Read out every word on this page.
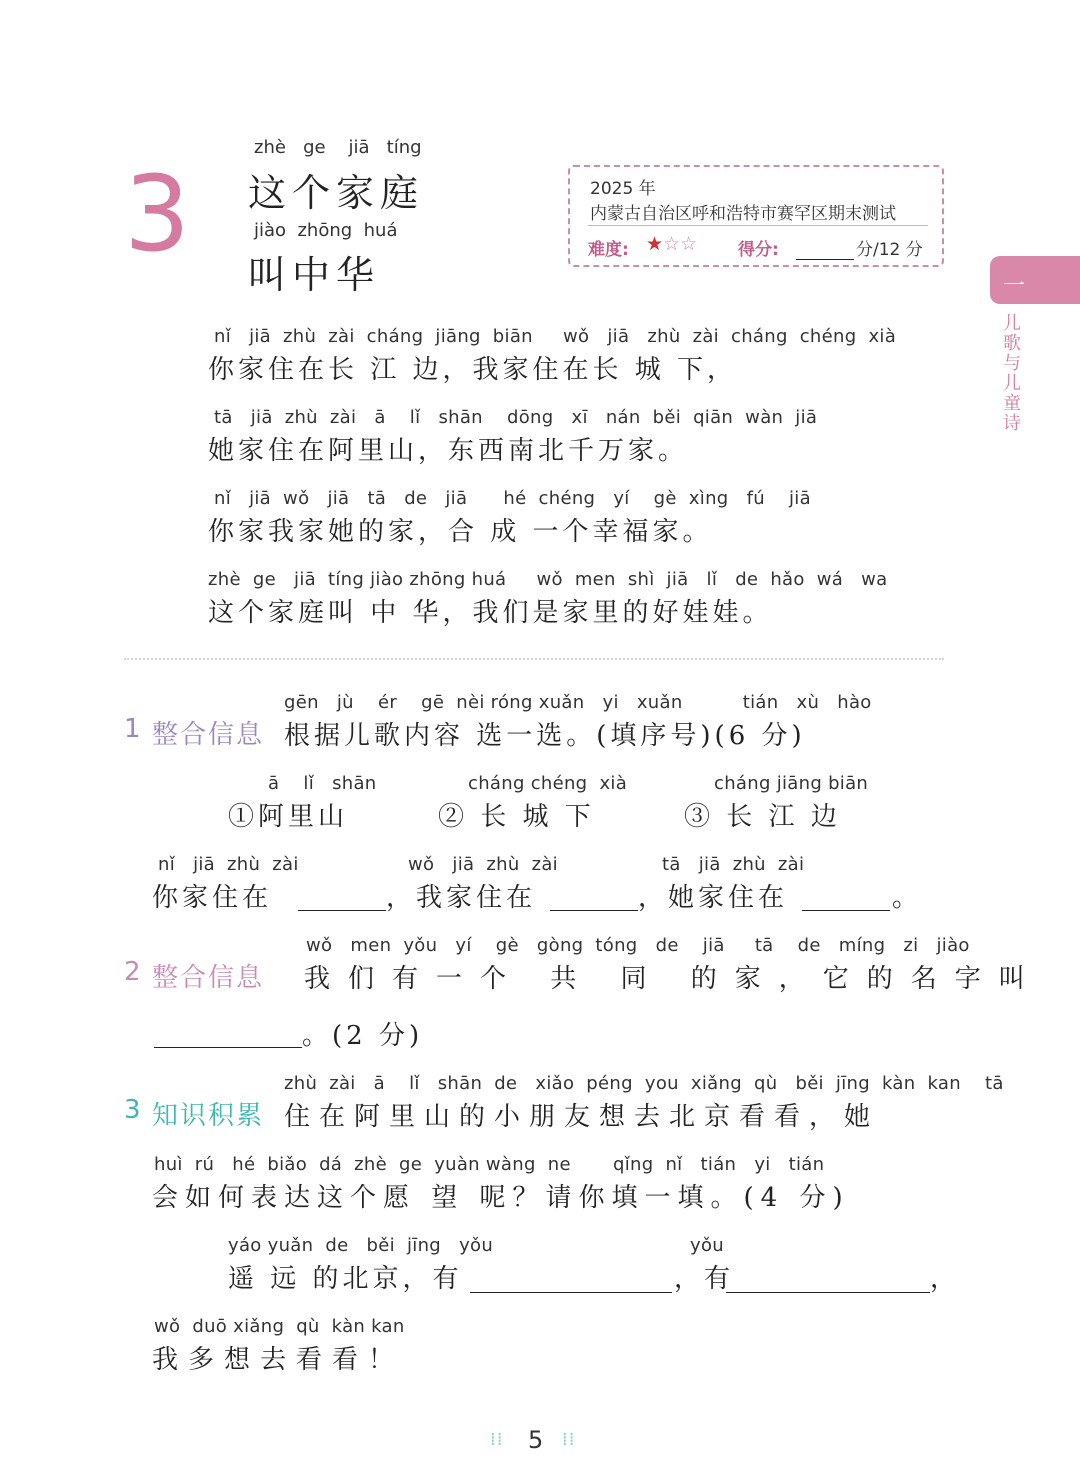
3
zhè   ge    jiā   tíng
这个家庭
jiào  zhōng  huá
叫中华
2025 年
内蒙古自治区呼和浩特市赛罕区期末测试
难度: ★☆☆ 得分:	分/12 分
一
儿歌与儿童诗
nǐ   jiā  zhù  zài  cháng  jiāng  biān     wǒ   jiā   zhù  zài  cháng  chéng  xià
你家住在长 江 边，我家住在长 城 下，
tā   jiā  zhù  zài   ā    lǐ   shān    dōng   xī   nán  běi  qiān  wàn  jiā
她家住在阿里山，东西南北千万家。
nǐ   jiā  wǒ   jiā   tā   de   jiā      hé  chéng   yí    gè  xìng   fú    jiā
你家我家她的家，合 成 一个幸福家。
zhè  ge   jiā  tíng jiào zhōng huá     wǒ  men  shì  jiā   lǐ   de  hǎo  wá   wa
这个家庭叫 中 华，我们是家里的好娃娃。
gēn   jù    ér    gē  nèi róng xuǎn   yi   xuǎn          tián   xù   hào
1 整合信息 根据儿歌内容 选一选。(填序号)(6 分)
ā    lǐ   shān
①阿里山
cháng chéng  xià
② 长 城 下
cháng jiāng biān
③ 长 江 边
nǐ   jiā  zhù  zài
你家住在
wǒ   jiā  zhù  zài
，我家住在
tā   jiā  zhù  zài
，她家住在	。
wǒ   men  yǒu   yí    gè   gòng  tóng   de    jiā     tā    de   míng   zi   jiào
2 整合信息 我们有一个 共 同 的家，它的名字叫
。(2 分)
zhù  zài   ā    lǐ   shān  de   xiǎo  péng  you  xiǎng  qù   běi  jīng  kàn  kan    tā
3 知识积累 住在阿里山的小朋友想去北京看看，她
huì  rú   hé  biǎo  dá  zhè  ge  yuàn wàng  ne       qǐng  nǐ   tián   yi   tián
会如何表达这个愿 望 呢？请你填一填。(4 分)
yáo yuǎn  de   běi  jīng   yǒu
遥 远 的北京，有
yǒu
，有	，
wǒ  duō xiǎng  qù  kàn kan
我多想去看看！
⁞⁞ 5 ⁞⁞
